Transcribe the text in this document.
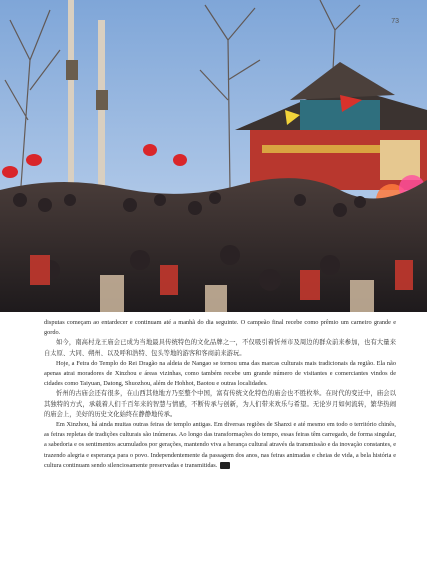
73

disputas começam ao entardecer e continuam até a manhã do dia seguinte. O campeão final recebe como prêmio um carneiro grande e gordo.

如今，南高村龙王庙会已成为当地最具传统特色的文化品牌之一，不仅吸引着忻州市及周边的群众前来参加，也有大量来自太原、大同、朔州、以及呼和浩特、包头等地的游客和客商前来游玩。

Hoje, a Feira do Templo do Rei Dragão na aldeia de Nangao se tornou uma das marcas culturais mais tradicionais da região. Ela não apenas atrai moradores de Xinzhou e áreas vizinhas, como também recebe um grande número de visitantes e comerciantes vindos de cidades como Taiyuan, Datong, Shuozhou, além de Hohhot, Baotou e outras localidades.

忻州的古庙会还有很多，在山西其他地方乃至整个中国，富有传统文化特色的庙会也不胜枚举。在时代的变迁中，庙会以其独特的方式，承载着人们千百年来的智慧与情感，不断传承与创新，为人们带来欢乐与希望。无论岁月如何流转，繁华热闹的庙会上，美好的历史文化始终在静静地传承。

Em Xinzhou, há ainda muitas outras feiras de templo antigas. Em diversas regiões de Shanxi e até mesmo em todo o território chinês, as feiras repletas de tradições culturais são inúmeras. Ao longo das transformações do tempo, essas feiras têm carregado, de forma singular, a sabedoria e os sentimentos acumulados por gerações, mantendo viva a herança cultural através da transmissão e da inovação constantes, e trazendo alegria e esperança para o povo. Independentemente da passagem dos anos, nas feiras animadas e cheias de vida, a bela história e cultura continuam sendo silenciosamente preservadas e transmitidas.	⊞
